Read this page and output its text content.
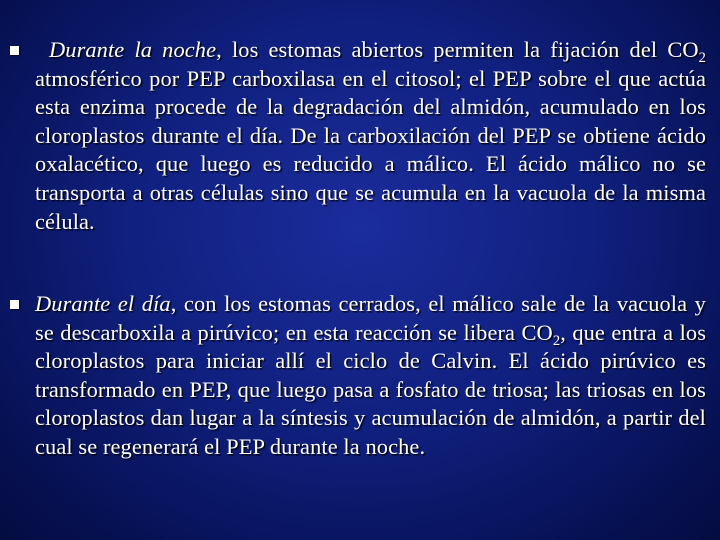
Durante la noche, los estomas abiertos permiten la fijación del $CO_2$ atmosférico por PEP carboxilasa en el citosol; el PEP sobre el que actúa esta enzima procede de la degradación del almidón, acumulado en los cloroplastos durante el día. De la carboxilación del PEP se obtiene ácido oxalacético, que luego es reducido a málico. El ácido málico no se transporta a otras células sino que se acumula en la vacuola de la misma célula.
Durante el día, con los estomas cerrados, el málico sale de la vacuola y se descarboxila a pirúvico; en esta reacción se libera $CO_2$, que entra a los cloroplastos para iniciar allí el ciclo de Calvin. El ácido pirúvico es transformado en PEP, que luego pasa a fosfato de triosa; las triosas en los cloroplastos dan lugar a la síntesis y acumulación de almidón, a partir del cual se regenerará el PEP durante la noche.
